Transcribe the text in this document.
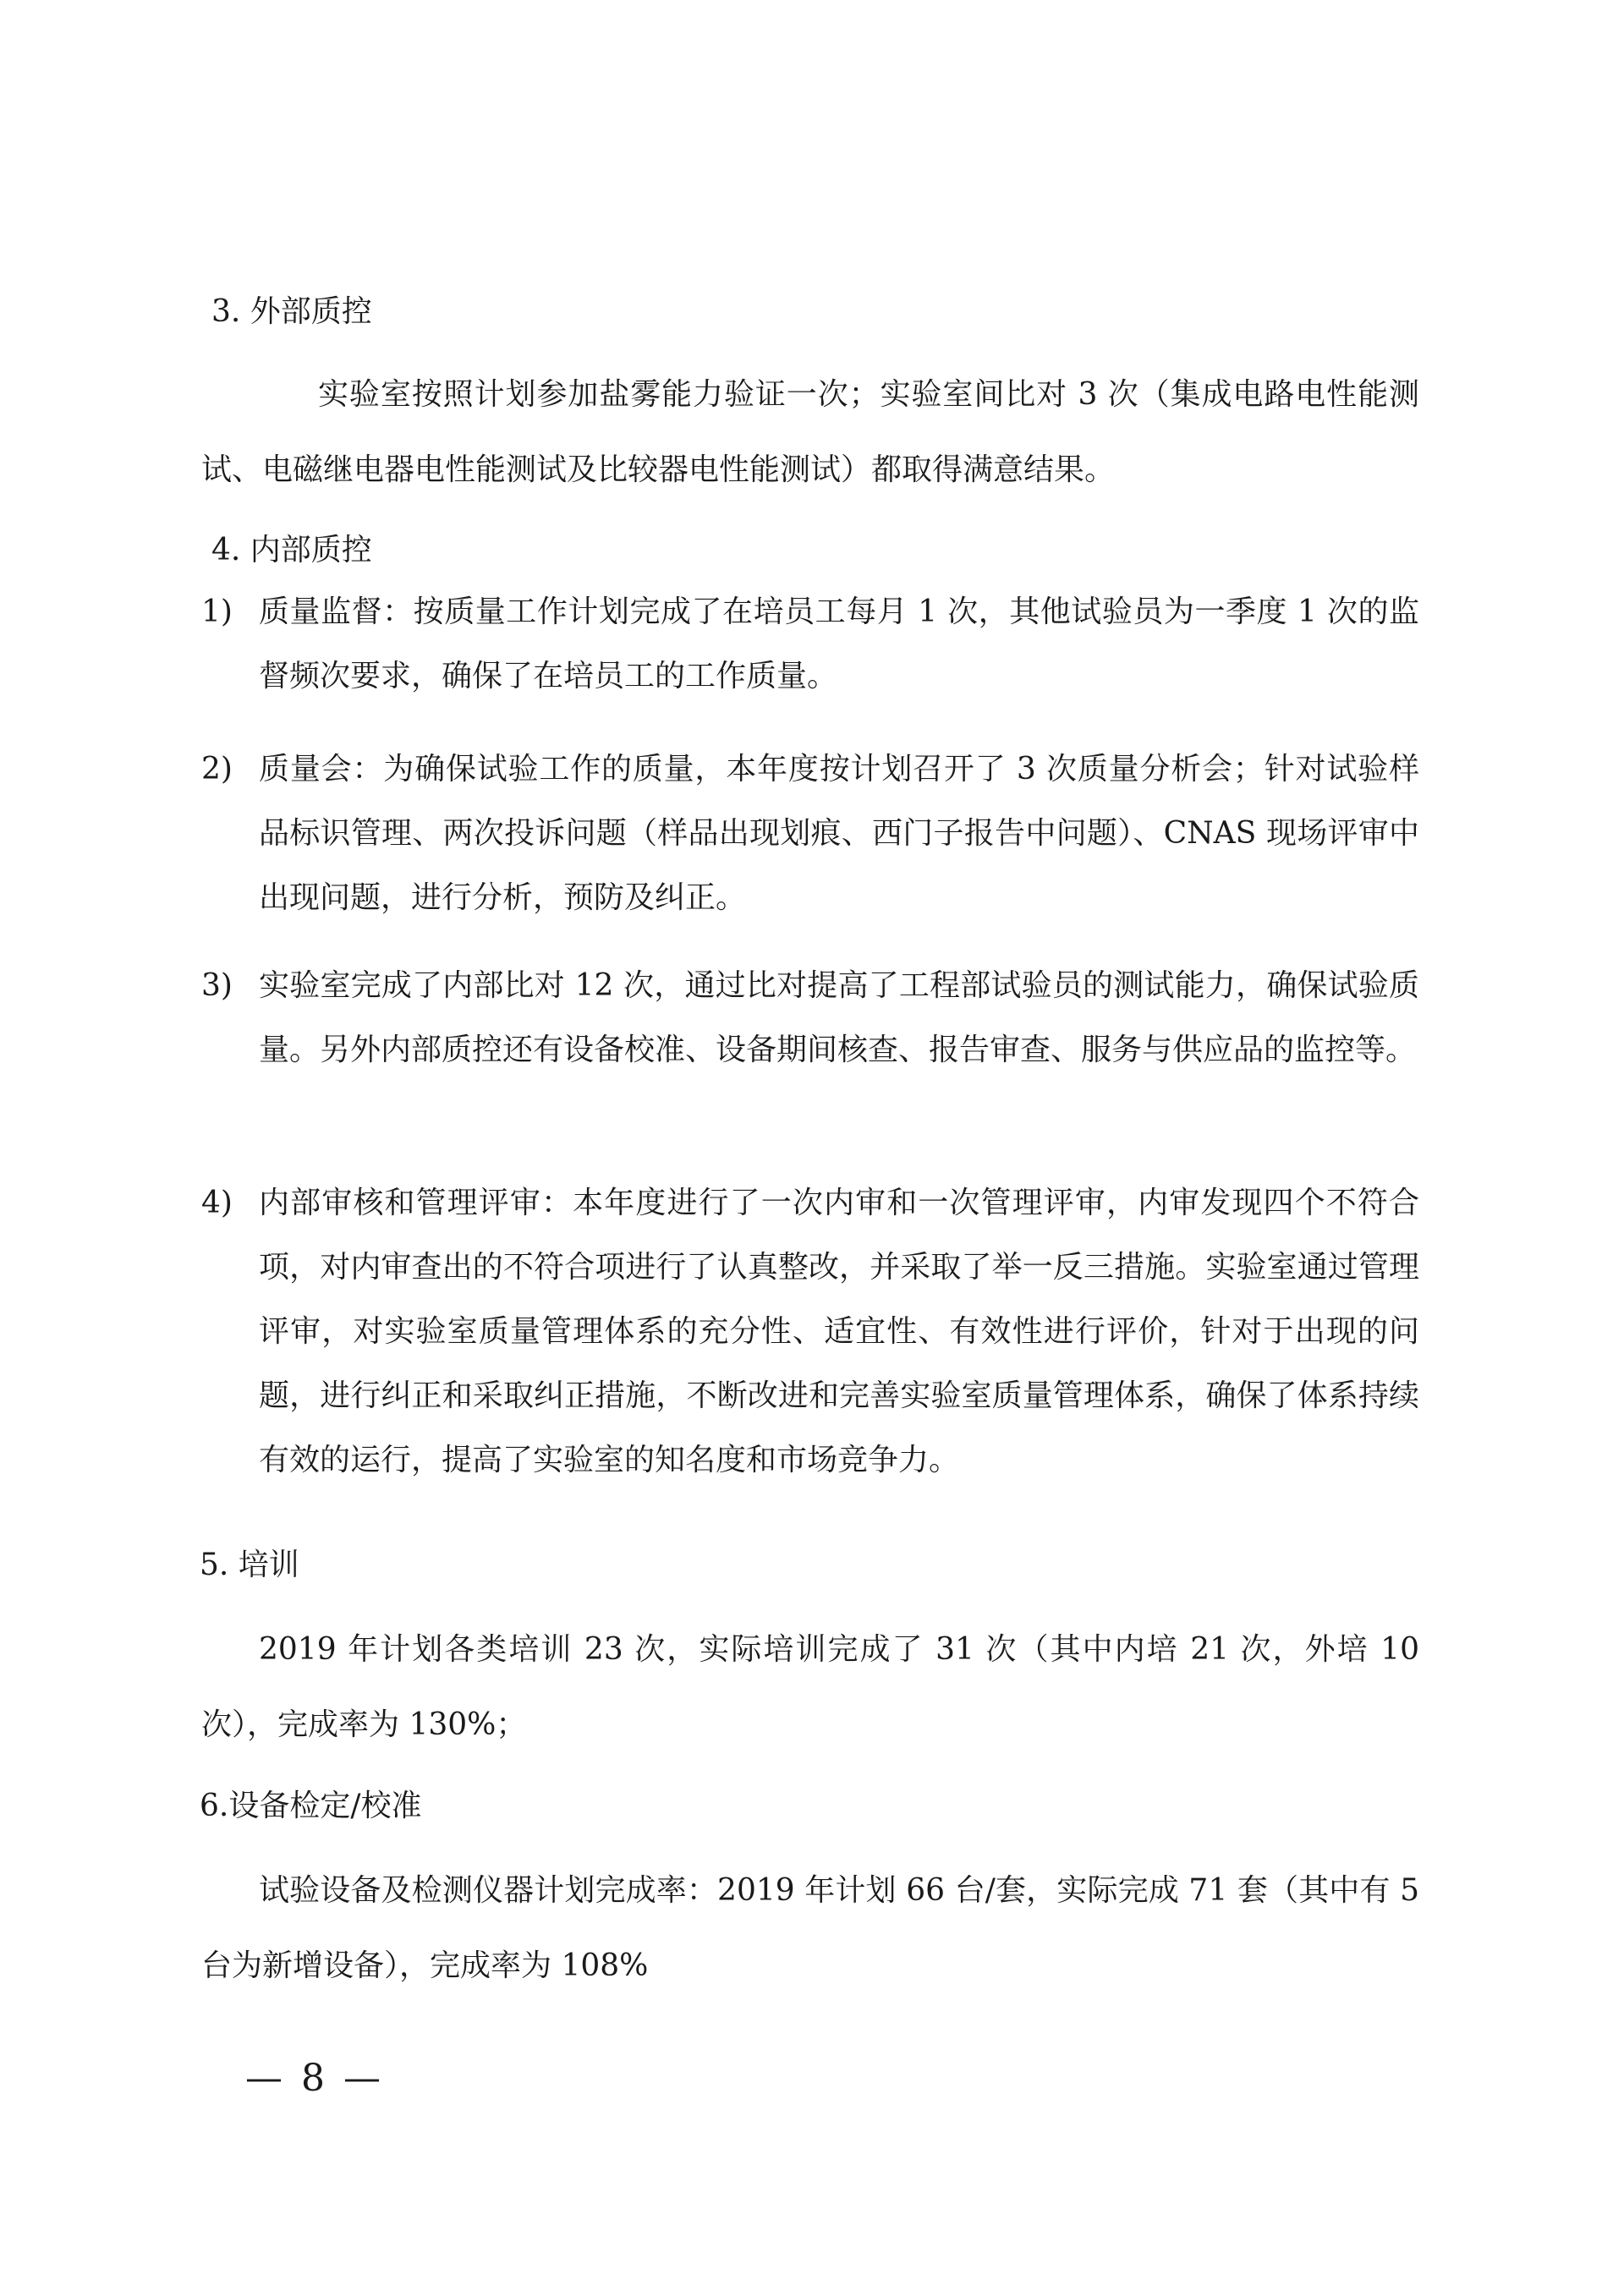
3. 外部质控
实验室按照计划参加盐雾能力验证一次；实验室间比对 3 次（集成电路电性能测试、电磁继电器电性能测试及比较器电性能测试）都取得满意结果。
4. 内部质控
1) 质量监督：按质量工作计划完成了在培员工每月 1 次，其他试验员为一季度 1 次的监督频次要求，确保了在培员工的工作质量。
2) 质量会：为确保试验工作的质量，本年度按计划召开了 3 次质量分析会；针对试验样品标识管理、两次投诉问题（样品出现划痕、西门子报告中问题）、CNAS 现场评审中出现问题，进行分析，预防及纠正。
3) 实验室完成了内部比对 12 次，通过比对提高了工程部试验员的测试能力，确保试验质量。另外内部质控还有设备校准、设备期间核查、报告审查、服务与供应品的监控等。
4) 内部审核和管理评审：本年度进行了一次内审和一次管理评审，内审发现四个不符合项，对内审查出的不符合项进行了认真整改，并采取了举一反三措施。实验室通过管理评审，对实验室质量管理体系的充分性、适宜性、有效性进行评价，针对于出现的问题，进行纠正和采取纠正措施，不断改进和完善实验室质量管理体系，确保了体系持续有效的运行，提高了实验室的知名度和市场竞争力。
5. 培训
2019 年计划各类培训 23 次，实际培训完成了 31 次（其中内培 21 次，外培 10 次），完成率为 130%；
6.设备检定/校准
试验设备及检测仪器计划完成率：2019 年计划 66 台/套，实际完成 71 套（其中有 5 台为新增设备），完成率为 108%
— 8 —
